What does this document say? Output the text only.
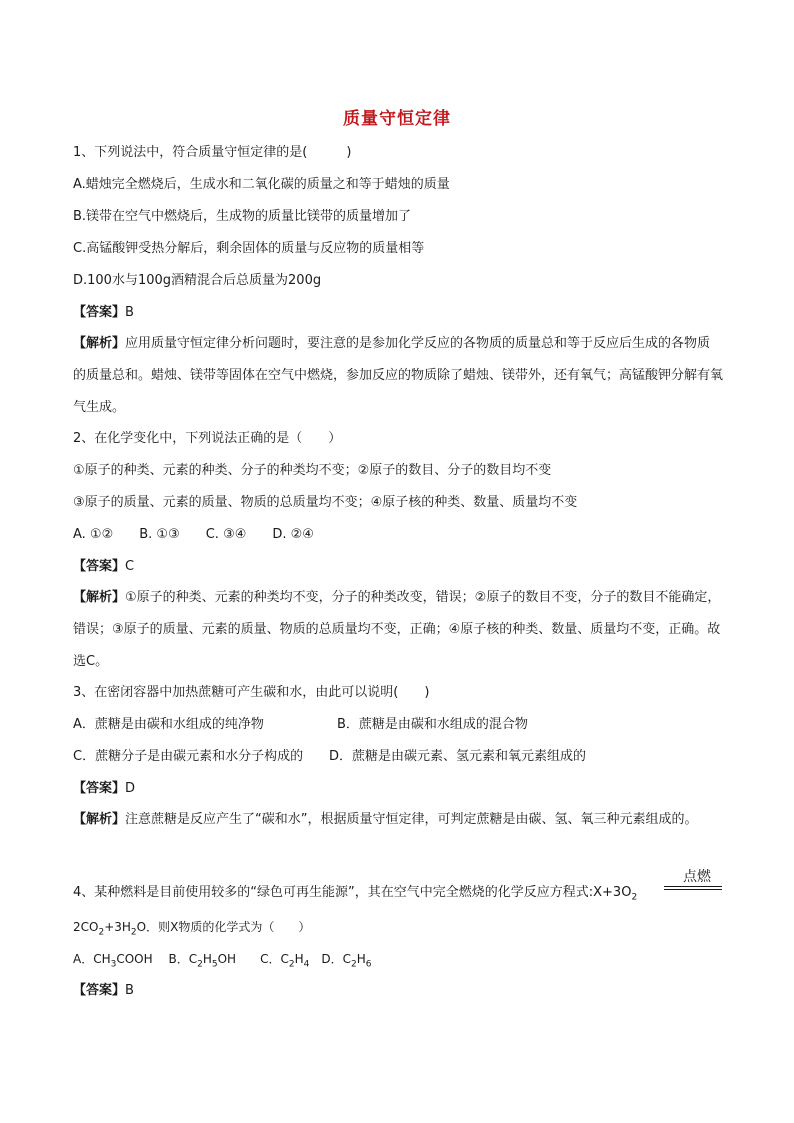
质量守恒定律
1、下列说法中，符合质量守恒定律的是(　　　)
A.蜡烛完全燃烧后，生成水和二氧化碳的质量之和等于蜡烛的质量
B.镁带在空气中燃烧后，生成物的质量比镁带的质量增加了
C.高锰酸钾受热分解后，剩余固体的质量与反应物的质量相等
D.100水与100g酒精混合后总质量为200g
【答案】B
【解析】应用质量守恒定律分析问题时，要注意的是参加化学反应的各物质的质量总和等于反应后生成的各物质的质量总和。蜡烛、镁带等固体在空气中燃烧，参加反应的物质除了蜡烛、镁带外，还有氧气；高锰酸钾分解有氧气生成。
2、在化学变化中，下列说法正确的是（　　）
①原子的种类、元素的种类、分子的种类均不变；②原子的数目、分子的数目均不变
③原子的质量、元素的质量、物质的总质量均不变；④原子核的种类、数量、质量均不变
A. ①②　　B. ①③　　C. ③④　　D. ②④
【答案】C
【解析】①原子的种类、元素的种类均不变，分子的种类改变，错误；②原子的数目不变，分子的数目不能确定，错误；③原子的质量、元素的质量、物质的总质量均不变，正确；④原子核的种类、数量、质量均不变，正确。故选C。
3、在密闭容器中加热蔗糖可产生碳和水，由此可以说明(　　)
A．蔗糖是由碳和水组成的纯净物	B．蔗糖是由碳和水组成的混合物
C．蔗糖分子是由碳元素和水分子构成的 D．蔗糖是由碳元素、氢元素和氧元素组成的
【答案】D
【解析】注意蔗糖是反应产生了“碳和水”，根据质量守恒定律，可判定蔗糖是由碳、氢、氧三种元素组成的。
4、某种燃料是目前使用较多的“绿色可再生能源”，其在空气中完全燃烧的化学反应方程式$:X+3O_2$
点燃
$2CO_2+3H_2O$．则X物质的化学式为（　　）
A．$CH_3COOH$　 B．$C_2H_5OH$　　C．$C_2H_4$　D．$C_2H_6$
【答案】B
